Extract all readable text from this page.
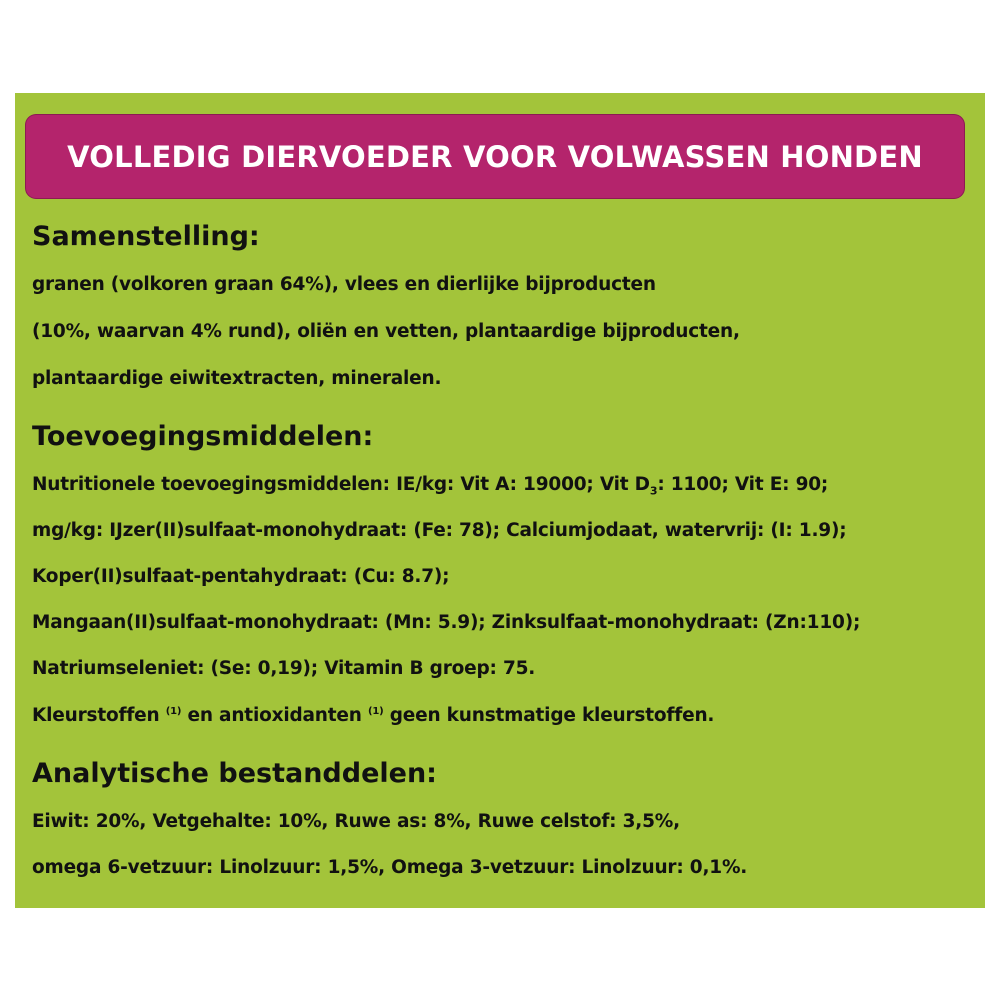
VOLLEDIG DIERVOEDER VOOR VOLWASSEN HONDEN
Samenstelling:
granen (volkoren graan 64%), vlees en dierlijke bijproducten
(10%, waarvan 4% rund), oliën en vetten, plantaardige bijproducten,
plantaardige eiwitextracten, mineralen.
Toevoegingsmiddelen:
Nutritionele toevoegingsmiddelen: IE/kg: Vit A: 19000; Vit $D_3$: 1100; Vit E: 90;
mg/kg: IJzer(II)sulfaat-monohydraat: (Fe: 78); Calciumjodaat, watervrij: (I: 1.9);
Koper(II)sulfaat-pentahydraat: (Cu: 8.7);
Mangaan(II)sulfaat-monohydraat: (Mn: 5.9); Zinksulfaat-monohydraat: (Zn:110);
Natriumseleniet: (Se: 0,19); Vitamin B groep: 75.
Kleurstoffen $^{(1)}$ en antioxidanten $^{(1)}$ geen kunstmatige kleurstoffen.
Analytische bestanddelen:
Eiwit: 20%, Vetgehalte: 10%, Ruwe as: 8%, Ruwe celstof: 3,5%,
omega 6-vetzuur: Linolzuur: 1,5%, Omega 3-vetzuur: Linolzuur: 0,1%.
